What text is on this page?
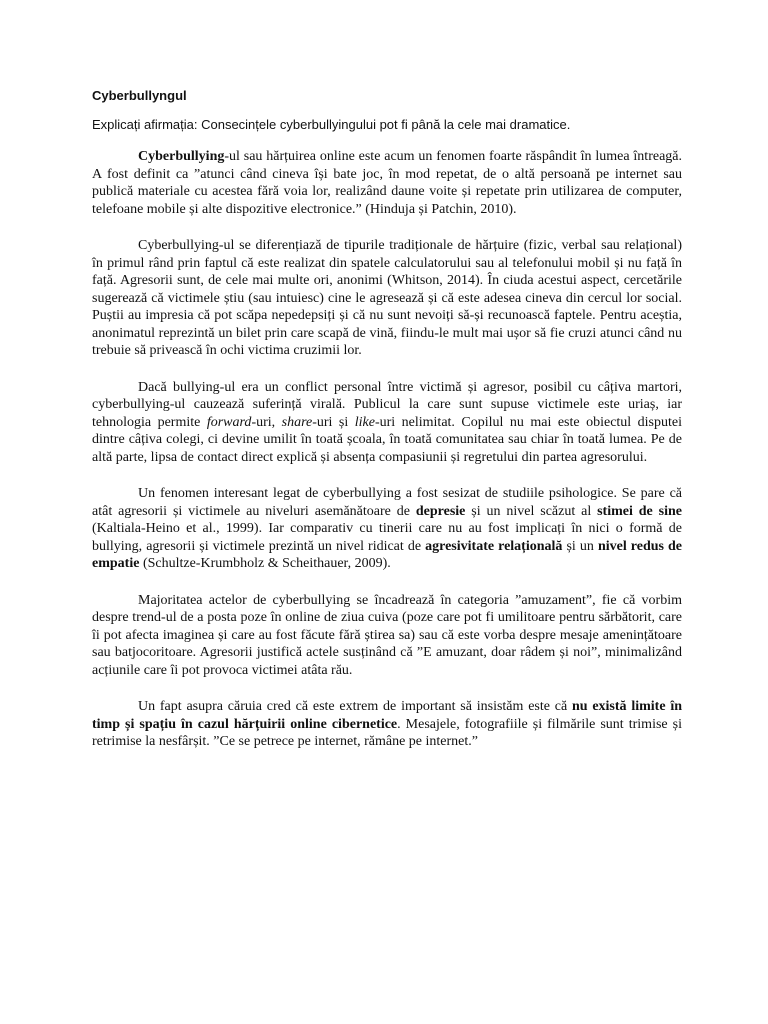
Cyberbullyngul
Explicați afirmația: Consecințele cyberbullyingului pot fi până la cele mai dramatice.

Cyberbullying-ul sau hărțuirea online este acum un fenomen foarte răspândit în lumea întreagă. A fost definit ca ”atunci când cineva își bate joc, în mod repetat, de o altă persoană pe internet sau publică materiale cu acestea fără voia lor, realizând daune voite și repetate prin utilizarea de computer, telefoane mobile și alte dispozitive electronice.” (Hinduja și Patchin, 2010).

Cyberbullying-ul se diferențiază de tipurile tradiționale de hărțuire (fizic, verbal sau relațional) în primul rând prin faptul că este realizat din spatele calculatorului sau al telefonului mobil și nu față în față. Agresorii sunt, de cele mai multe ori, anonimi (Whitson, 2014). În ciuda acestui aspect, cercetările sugerează că victimele știu (sau intuiesc) cine le agresează și că este adesea cineva din cercul lor social. Puștii au impresia că pot scăpa nepedepsiți și că nu sunt nevoiți să-și recunoască faptele. Pentru aceștia, anonimatul reprezintă un bilet prin care scapă de vină, fiindu-le mult mai ușor să fie cruzi atunci când nu trebuie să privească în ochi victima cruzimii lor.

Dacă bullying-ul era un conflict personal între victimă și agresor, posibil cu câțiva martori, cyberbullying-ul cauzează suferință virală. Publicul la care sunt supuse victimele este uriaș, iar tehnologia permite forward-uri, share-uri și like-uri nelimitat. Copilul nu mai este obiectul disputei dintre câțiva colegi, ci devine umilit în toată școala, în toată comunitatea sau chiar în toată lumea. Pe de altă parte, lipsa de contact direct explică și absența compasiunii și regretului din partea agresorului.

Un fenomen interesant legat de cyberbullying a fost sesizat de studiile psihologice. Se pare că atât agresorii și victimele au niveluri asemănătoare de depresie și un nivel scăzut al stimei de sine (Kaltiala-Heino et al., 1999). Iar comparativ cu tinerii care nu au fost implicați în nici o formă de bullying, agresorii și victimele prezintă un nivel ridicat de agresivitate relațională și un nivel redus de empatie (Schultze-Krumbholz & Scheithauer, 2009).

Majoritatea actelor de cyberbullying se încadrează în categoria ”amuzament”, fie că vorbim despre trend-ul de a posta poze în online de ziua cuiva (poze care pot fi umilitoare pentru sărbătorit, care îi pot afecta imaginea și care au fost făcute fără știrea sa) sau că este vorba despre mesaje amenințătoare sau batjocoritoare. Agresorii justifică actele susținând că ”E amuzant, doar râdem și noi”, minimalizând acțiunile care îi pot provoca victimei atâta rău.

Un fapt asupra căruia cred că este extrem de important să insistăm este că nu există limite în timp și spațiu în cazul hărțuirii online cibernetice. Mesajele, fotografiile și filmările sunt trimise și retrimise la nesfârșit. ”Ce se petrece pe internet, rămâne pe internet.”
